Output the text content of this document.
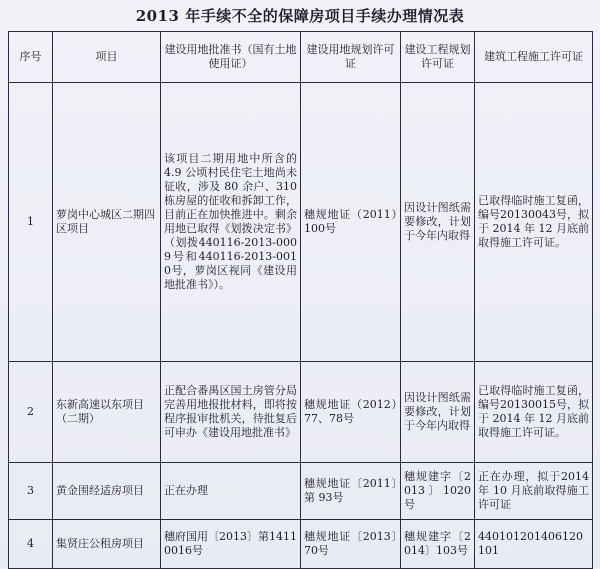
2013 年手续不全的保障房项目手续办理情况表
序号	项目	建设用地批准书（国有土地使用证）	建设用地规划许可证	建设工程规划许可证	建筑工程施工许可证
1	萝岗中心城区二期四区项目	该项目二期用地中所含的 4.9 公顷村民住宅土地尚未征收，涉及 80 余户、310 栋房屋的征收和拆卸工作，目前正在加快推进中。剩余用地已取得《划拨决定书》（划拨440116-2013-0009号和440116-2013-0010号，萝岗区视同《建设用地批准书》）。	穗规地证（2011）100号	因设计图纸需要修改，计划于今年内取得	已取得临时施工复函，编号20130043号，拟于 2014 年 12 月底前取得施工许可证。
2	东新高速以东项目（二期）	正配合番禺区国土房管分局完善用地报批材料，即将按程序报审批机关，待批复后可申办《建设用地批准书》	穗规地证（2012）77、78号	因设计图纸需要修改，计划于今年内取得	已取得临时施工复函，编号20130015号，拟于 2014 年 12 月底前取得施工许可证。
3	黄金围经适房项目	正在办理	穗规地证〔2011〕第 93号	穗规建字〔2013〕1020号	正在办理，拟于2014 年 10 月底前取得施工许可证
4	集贤庄公租房项目	穗府国用〔2013〕第14110016号	穗规地证〔2013〕70号	穗规建字〔2014〕103号	440101201406120101
